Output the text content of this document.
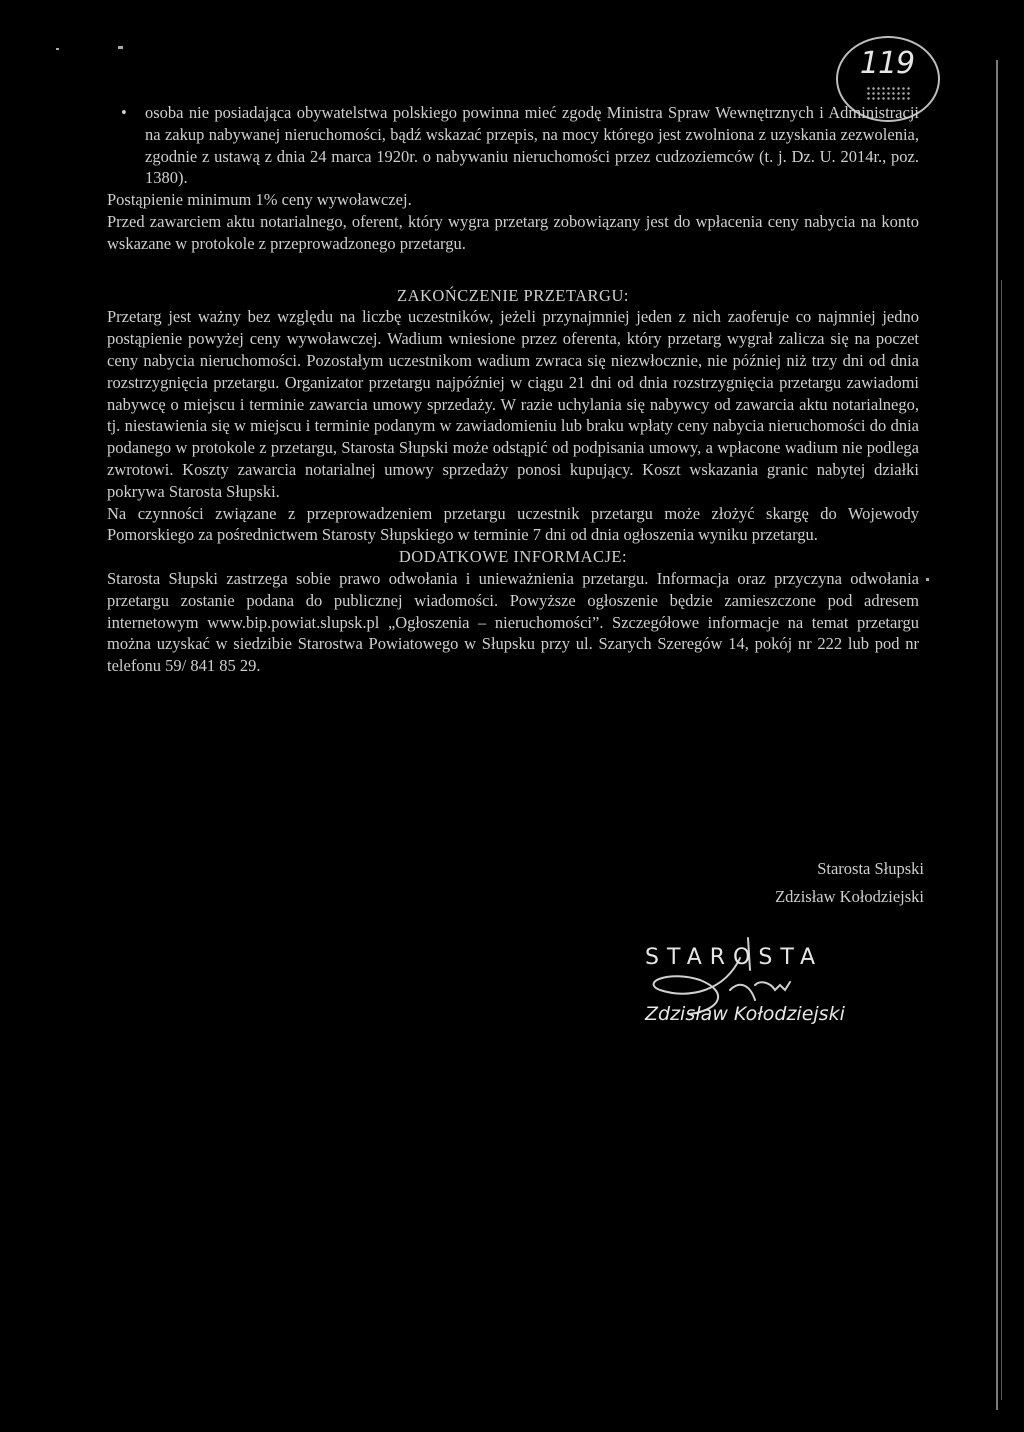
119

• osoba nie posiadająca obywatelstwa polskiego powinna mieć zgodę Ministra Spraw Wewnętrznych i Administracji na zakup nabywanej nieruchomości, bądź wskazać przepis, na mocy którego jest zwolniona z uzyskania zezwolenia, zgodnie z ustawą z dnia 24 marca 1920r. o nabywaniu nieruchomości przez cudzoziemców (t. j. Dz. U. 2014r., poz. 1380).

Postąpienie minimum 1% ceny wywoławczej.

Przed zawarciem aktu notarialnego, oferent, który wygra przetarg zobowiązany jest do wpłacenia ceny nabycia na konto wskazane w protokole z przeprowadzonego przetargu.

ZAKOŃCZENIE PRZETARGU:

Przetarg jest ważny bez względu na liczbę uczestników, jeżeli przynajmniej jeden z nich zaoferuje co najmniej jedno postąpienie powyżej ceny wywoławczej. Wadium wniesione przez oferenta, który przetarg wygrał zalicza się na poczet ceny nabycia nieruchomości. Pozostałym uczestnikom wadium zwraca się niezwłocznie, nie później niż trzy dni od dnia rozstrzygnięcia przetargu. Organizator przetargu najpóźniej w ciągu 21 dni od dnia rozstrzygnięcia przetargu zawiadomi nabywcę o miejscu i terminie zawarcia umowy sprzedaży. W razie uchylania się nabywcy od zawarcia aktu notarialnego, tj. niestawienia się w miejscu i terminie podanym w zawiadomieniu lub braku wpłaty ceny nabycia nieruchomości do dnia podanego w protokole z przetargu, Starosta Słupski może odstąpić od podpisania umowy, a wpłacone wadium nie podlega zwrotowi. Koszty zawarcia notarialnej umowy sprzedaży ponosi kupujący. Koszt wskazania granic nabytej działki pokrywa Starosta Słupski.

Na czynności związane z przeprowadzeniem przetargu uczestnik przetargu może złożyć skargę do Wojewody Pomorskiego za pośrednictwem Starosty Słupskiego w terminie 7 dni od dnia ogłoszenia wyniku przetargu.

DODATKOWE INFORMACJE:

Starosta Słupski zastrzega sobie prawo odwołania i unieważnienia przetargu. Informacja oraz przyczyna odwołania przetargu zostanie podana do publicznej wiadomości. Powyższe ogłoszenie będzie zamieszczone pod adresem internetowym www.bip.powiat.slupsk.pl „Ogłoszenia – nieruchomości”. Szczegółowe informacje na temat przetargu można uzyskać w siedzibie Starostwa Powiatowego w Słupsku przy ul. Szarych Szeregów 14, pokój nr 222 lub pod nr telefonu 59/ 841 85 29.

Starosta Słupski
Zdzisław Kołodziejski
STAROSTA
Zdzisław Kołodziejski
